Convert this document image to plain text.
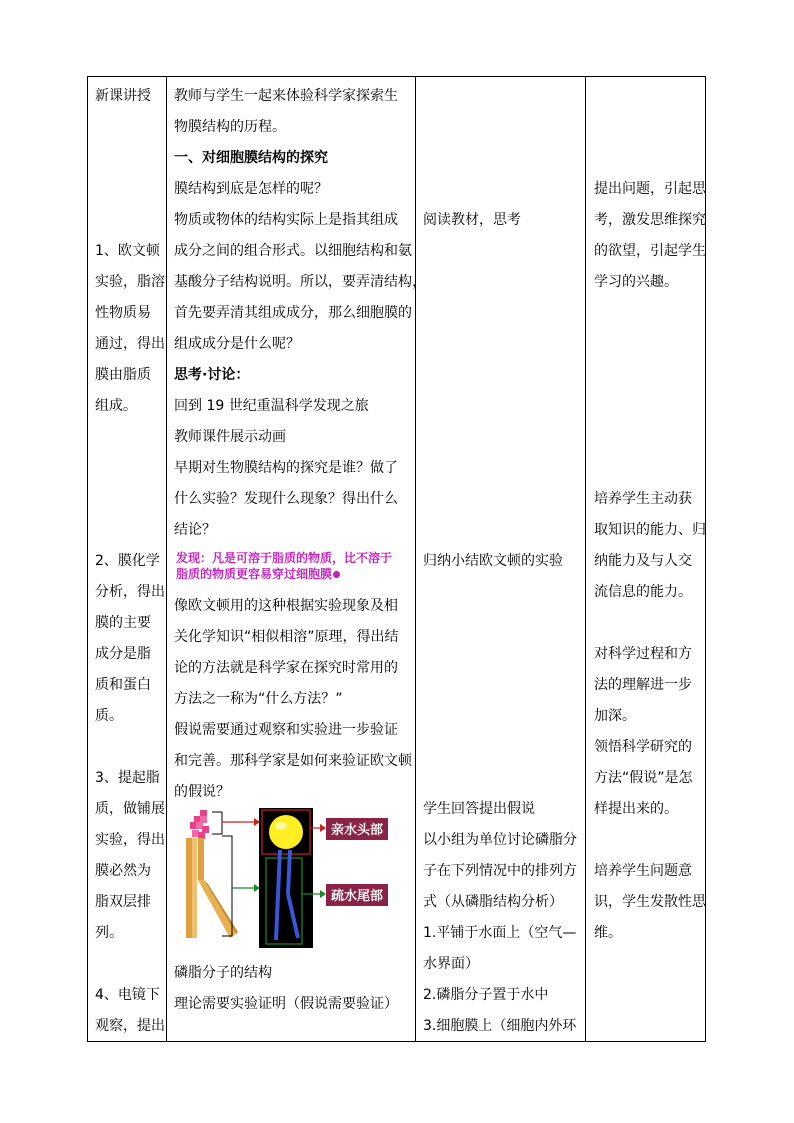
新课讲授

1、欧文顿

实验，脂溶

性物质易

通过，得出

膜由脂质

组成。

2、膜化学

分析，得出

膜的主要

成分是脂

质和蛋白

质。

3、提起脂

质，做铺展

实验，得出

膜必然为

脂双层排

列。

4、电镜下

观察，提出

教师与学生一起来体验科学家探索生

物膜结构的历程。

一、对细胞膜结构的探究

膜结构到底是怎样的呢？

物质或物体的结构实际上是指其组成

成分之间的组合形式。以细胞结构和氨

基酸分子结构说明。所以，要弄清结构，

首先要弄清其组成成分，那么细胞膜的

组成成分是什么呢？

思考·讨论：

回到 19 世纪重温科学发现之旅

教师课件展示动画

早期对生物膜结构的探究是谁？做了

什么实验？发现什么现象？得出什么

结论？

像欧文顿用的这种根据实验现象及相

关化学知识“相似相溶”原理，得出结

论的方法就是科学家在探究时常用的

方法之一称为“什么方法？”

假说需要通过观察和实验进一步验证

和完善。那科学家是如何来验证欧文顿

的假说？

磷脂分子的结构

理论需要实验证明（假说需要验证）

发现：凡是可溶于脂质的物质，比不溶于
脂质的物质更容易穿过细胞膜
亲水头部
疏水尾部

阅读教材，思考

归纳小结欧文顿的实验

学生回答提出假说

以小组为单位讨论磷脂分

子在下列情况中的排列方

式（从磷脂结构分析）

1.平铺于水面上（空气—

水界面）

2.磷脂分子置于水中

3.细胞膜上（细胞内外环

提出问题，引起思

考，激发思维探究

的欲望，引起学生

学习的兴趣。

培养学生主动获

取知识的能力、归

纳能力及与人交

流信息的能力。

对科学过程和方

法的理解进一步

加深。

领悟科学研究的

方法“假说”是怎

样提出来的。

培养学生问题意

识，学生发散性思

维。
